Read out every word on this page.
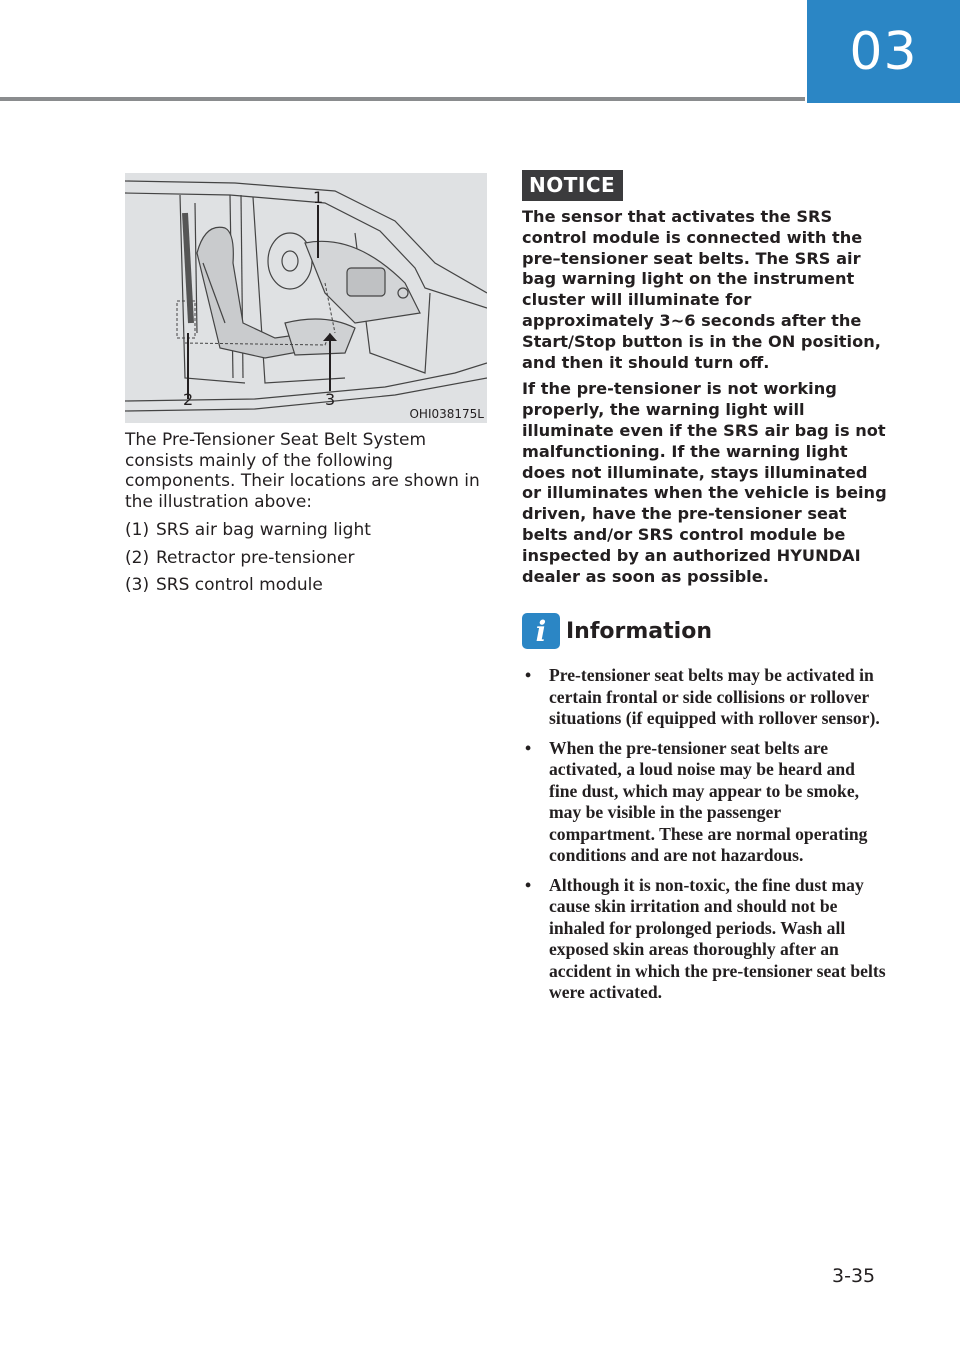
03
1
2	3
OHI038175L

The Pre-Tensioner Seat Belt System consists mainly of the following components. Their locations are shown in the illustration above:

(1) SRS air bag warning light
(2) Retractor pre-tensioner
(3) SRS control module
NOTICE

The sensor that activates the SRS control module is connected with the pre–tensioner seat belts. The SRS air bag warning light on the instrument cluster will illuminate for approximately 3~6 seconds after the Start/Stop button is in the ON position, and then it should turn off.

If the pre-tensioner is not working properly, the warning light will illuminate even if the SRS air bag is not malfunctioning. If the warning light does not illuminate, stays illuminated or illuminates when the vehicle is being driven, have the pre-tensioner seat belts and/or SRS control module be inspected by an authorized HYUNDAI dealer as soon as possible.

i Information
• Pre-tensioner seat belts may be activated in certain frontal or side collisions or rollover situations (if equipped with rollover sensor).
• When the pre-tensioner seat belts are activated, a loud noise may be heard and fine dust, which may appear to be smoke, may be visible in the passenger compartment. These are normal operating conditions and are not hazardous.
• Although it is non-toxic, the fine dust may cause skin irritation and should not be inhaled for prolonged periods. Wash all exposed skin areas thoroughly after an accident in which the pre-tensioner seat belts were activated.
3-35
